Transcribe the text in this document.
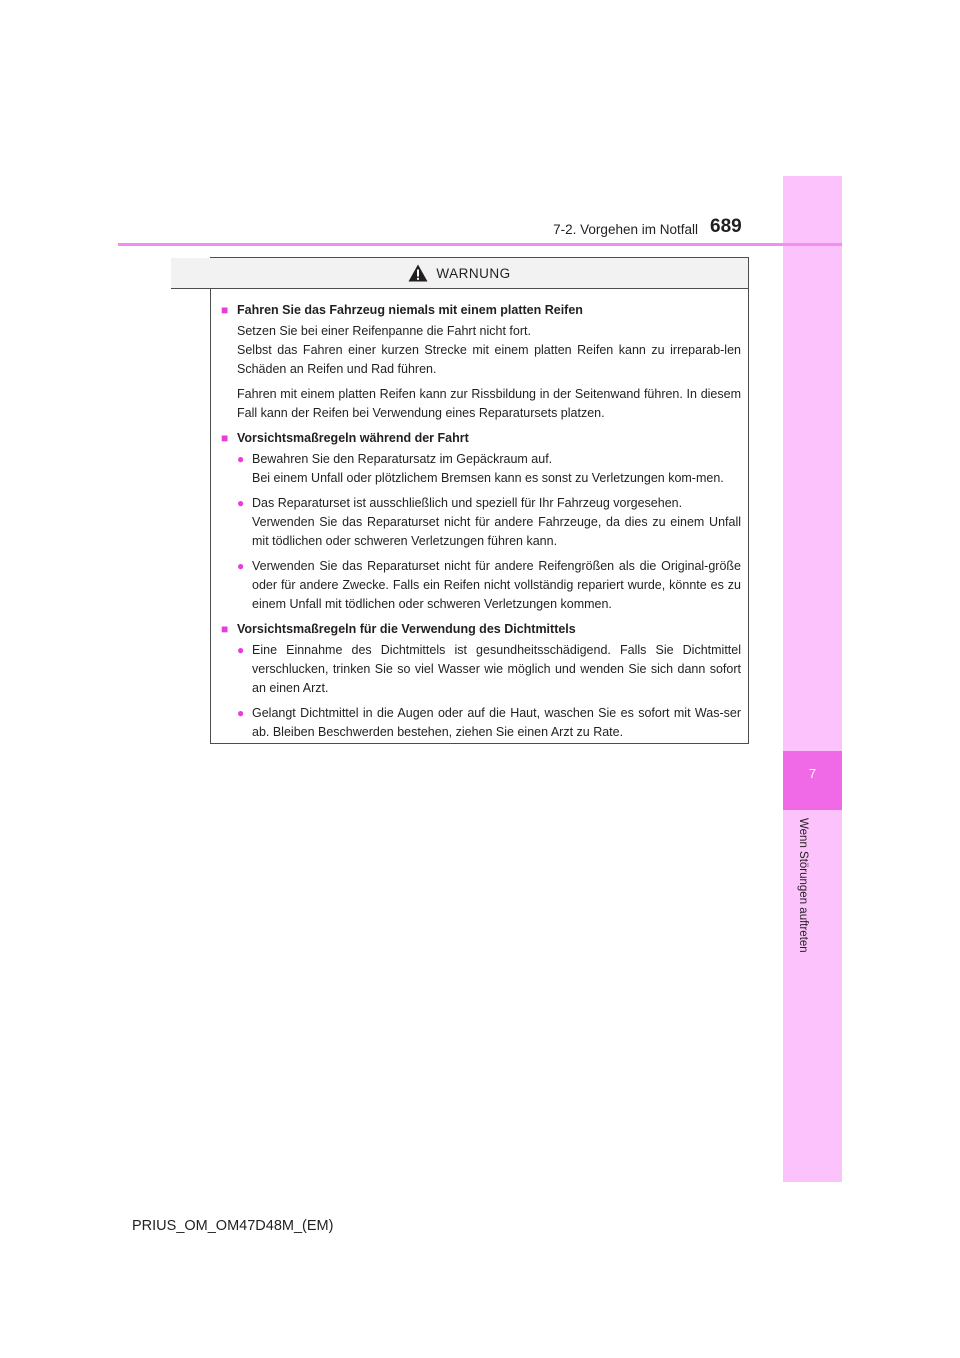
7
Wenn Störungen auftreten
7-2. Vorgehen im Notfall 689
WARNUNG
■ Fahren Sie das Fahrzeug niemals mit einem platten Reifen
Setzen Sie bei einer Reifenpanne die Fahrt nicht fort.
Selbst das Fahren einer kurzen Strecke mit einem platten Reifen kann zu irreparab-len Schäden an Reifen und Rad führen.
Fahren mit einem platten Reifen kann zur Rissbildung in der Seitenwand führen. In diesem Fall kann der Reifen bei Verwendung eines Reparatursets platzen.
■ Vorsichtsmaßregeln während der Fahrt
● Bewahren Sie den Reparatursatz im Gepäckraum auf.
Bei einem Unfall oder plötzlichem Bremsen kann es sonst zu Verletzungen kom-men.
● Das Reparaturset ist ausschließlich und speziell für Ihr Fahrzeug vorgesehen.
Verwenden Sie das Reparaturset nicht für andere Fahrzeuge, da dies zu einem Unfall mit tödlichen oder schweren Verletzungen führen kann.
● Verwenden Sie das Reparaturset nicht für andere Reifengrößen als die Original-größe oder für andere Zwecke. Falls ein Reifen nicht vollständig repariert wurde, könnte es zu einem Unfall mit tödlichen oder schweren Verletzungen kommen.
■ Vorsichtsmaßregeln für die Verwendung des Dichtmittels
● Eine Einnahme des Dichtmittels ist gesundheitsschädigend. Falls Sie Dichtmittel verschlucken, trinken Sie so viel Wasser wie möglich und wenden Sie sich dann sofort an einen Arzt.
● Gelangt Dichtmittel in die Augen oder auf die Haut, waschen Sie es sofort mit Was-ser ab. Bleiben Beschwerden bestehen, ziehen Sie einen Arzt zu Rate.
PRIUS_OM_OM47D48M_(EM)
